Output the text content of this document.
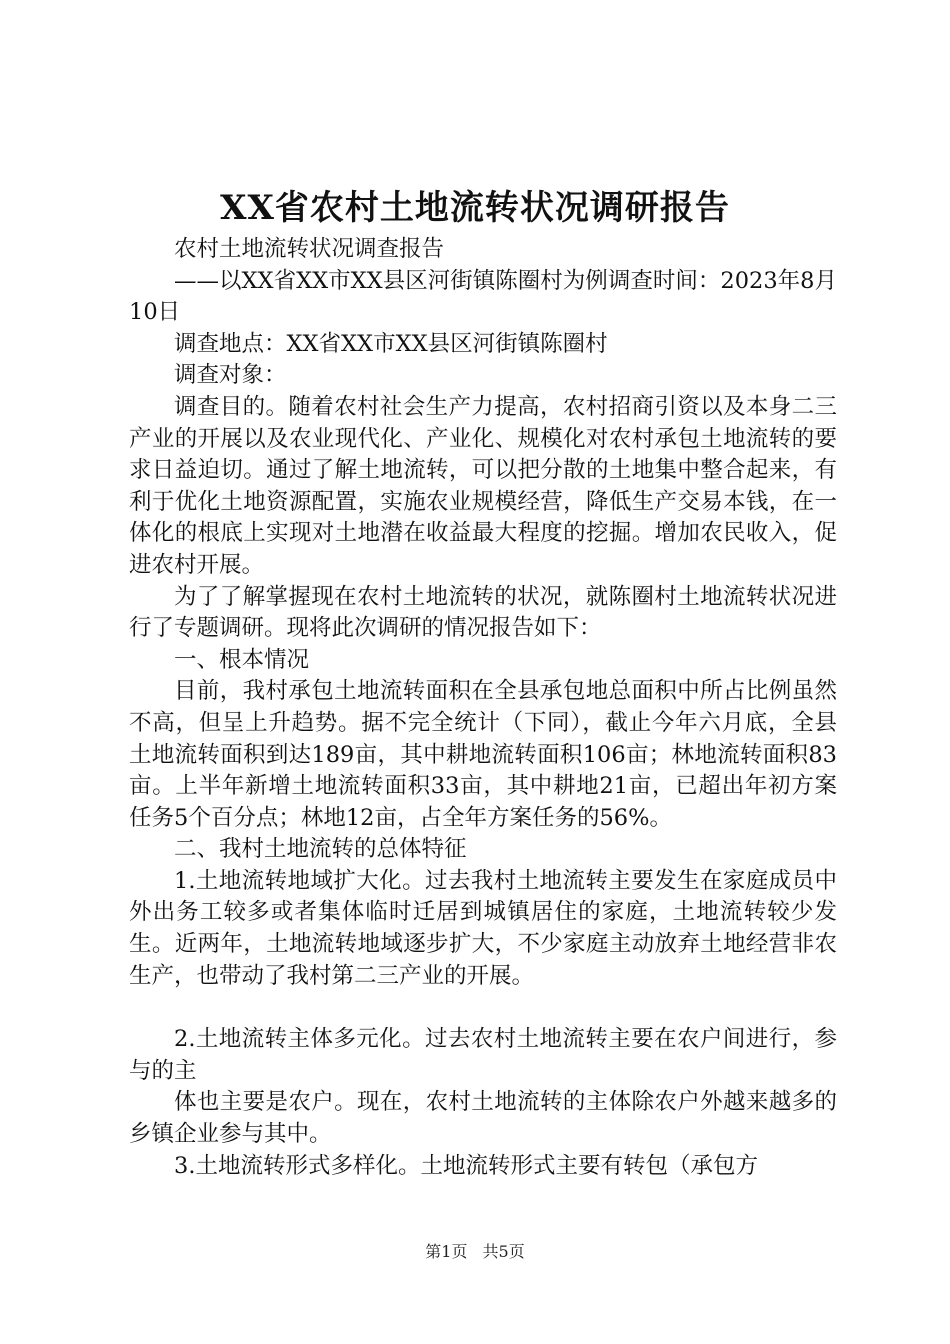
XX省农村土地流转状况调研报告

农村土地流转状况调查报告

——以XX省XX市XX县区河街镇陈圈村为例调查时间：2023年8月10日

调查地点：XX省XX市XX县区河街镇陈圈村

调查对象：

调查目的。随着农村社会生产力提高，农村招商引资以及本身二三产业的开展以及农业现代化、产业化、规模化对农村承包土地流转的要求日益迫切。通过了解土地流转，可以把分散的土地集中整合起来，有利于优化土地资源配置，实施农业规模经营，降低生产交易本钱，在一体化的根底上实现对土地潜在收益最大程度的挖掘。增加农民收入，促进农村开展。

为了了解掌握现在农村土地流转的状况，就陈圈村土地流转状况进行了专题调研。现将此次调研的情况报告如下：

一、根本情况

目前，我村承包土地流转面积在全县承包地总面积中所占比例虽然不高，但呈上升趋势。据不完全统计（下同），截止今年六月底，全县土地流转面积到达189亩，其中耕地流转面积106亩；林地流转面积83亩。上半年新增土地流转面积33亩，其中耕地21亩，已超出年初方案任务5个百分点；林地12亩，占全年方案任务的56%。

二、我村土地流转的总体特征

1.土地流转地域扩大化。过去我村土地流转主要发生在家庭成员中外出务工较多或者集体临时迁居到城镇居住的家庭，土地流转较少发生。近两年，土地流转地域逐步扩大，不少家庭主动放弃土地经营非农生产，也带动了我村第二三产业的开展。

2.土地流转主体多元化。过去农村土地流转主要在农户间进行，参与的主

体也主要是农户。现在，农村土地流转的主体除农户外越来越多的乡镇企业参与其中。

3.土地流转形式多样化。土地流转形式主要有转包（承包方

第1页 共5页
